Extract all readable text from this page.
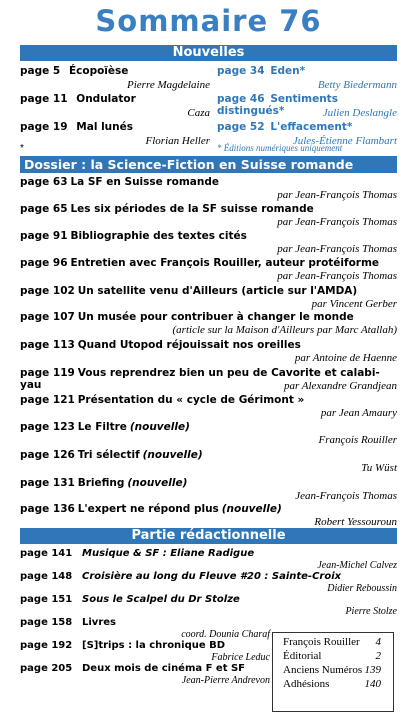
Sommaire 76
Nouvelles
page 5 Écopoïèse
Pierre Magdelaine
page 11 Ondulator
Caza
page 19 Mal lunés
Florian Heller
page 34 Eden*
Betty Biedermann
page 46 Sentiments distingués*	Julien Deslangle
page 52 L'effacement*
Jules-Étienne Flambart
*	* Éditions numériques uniquement
Dossier : la Science-Fiction en Suisse romande
page 63 La SF en Suisse romande
par Jean-François Thomas
page 65 Les six périodes de la SF suisse romande
par Jean-François Thomas
page 91 Bibliographie des textes cités
par Jean-François Thomas
page 96 Entretien avec François Rouiller, auteur protéiforme
par Jean-François Thomas
page 102 Un satellite venu d'Ailleurs (article sur l'AMDA)
par Vincent Gerber
page 107 Un musée pour contribuer à changer le monde
(article sur la Maison d'Ailleurs par Marc Atallah)
page 113 Quand Utopod réjouissait nos oreilles
par Antoine de Haenne
page 119 Vous reprendrez bien un peu de Cavorite et calabi-yau	par Alexandre Grandjean
page 121 Présentation du « cycle de Gérimont »
par Jean Amaury
page 123 Le Filtre (nouvelle)
François Rouiller
page 126 Tri sélectif (nouvelle)
Tu Wüst
page 131 Briefing (nouvelle)
Jean-François Thomas
page 136 L'expert ne répond plus (nouvelle)
Robert Yessouroun
Partie rédactionnelle
page 141 Musique & SF : Eliane Radigue
Jean-Michel Calvez
page 148 Croisière au long du Fleuve #20 : Sainte-Croix
Didier Reboussin
page 151 Sous le Scalpel du Dr Stolze
Pierre Stolze
page 158 Livres
coord. Dounia Charaf
page 192 [S]trips : la chronique BD
Fabrice Leduc
page 205 Deux mois de cinéma F et SF
Jean-Pierre Andrevon
François Rouiller 4
Éditorial	2
Anciens Numéros 139
Adhésions	140
